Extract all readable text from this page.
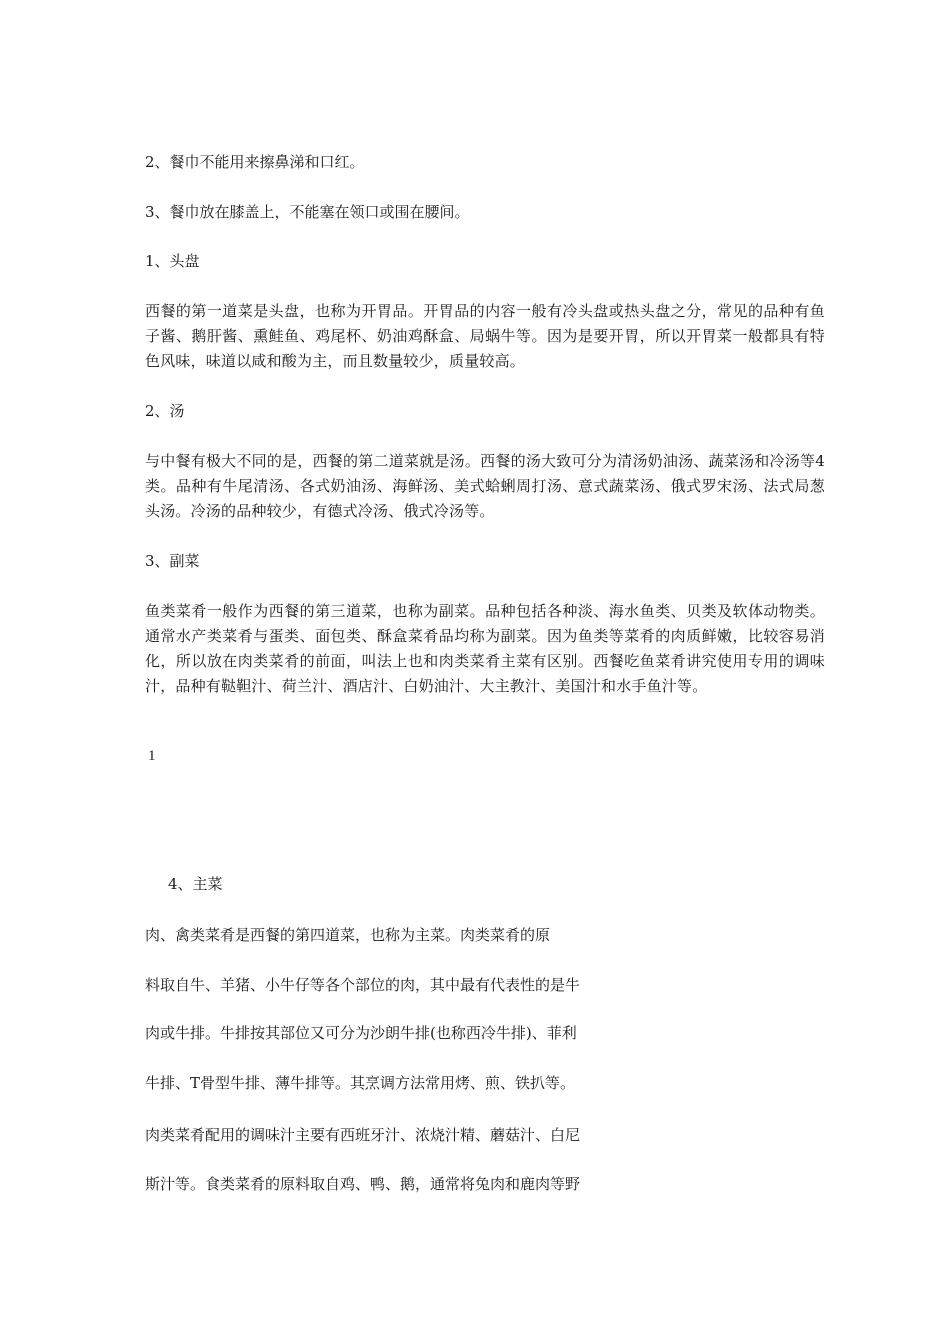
2、餐巾不能用来擦鼻涕和口红。
3、餐巾放在膝盖上，不能塞在领口或围在腰间。
1、头盘
西餐的第一道菜是头盘，也称为开胃品。开胃品的内容一般有冷头盘或热头盘之分，常见的品种有鱼子酱、鹅肝酱、熏鲑鱼、鸡尾杯、奶油鸡酥盒、局蜗牛等。因为是要开胃，所以开胃菜一般都具有特色风味，味道以咸和酸为主，而且数量较少，质量较高。
2、汤
与中餐有极大不同的是，西餐的第二道菜就是汤。西餐的汤大致可分为清汤奶油汤、蔬菜汤和冷汤等4类。品种有牛尾清汤、各式奶油汤、海鲜汤、美式蛤蜊周打汤、意式蔬菜汤、俄式罗宋汤、法式局葱头汤。冷汤的品种较少，有德式冷汤、俄式冷汤等。
3、副菜
鱼类菜肴一般作为西餐的第三道菜，也称为副菜。品种包括各种淡、海水鱼类、贝类及软体动物类。通常水产类菜肴与蛋类、面包类、酥盒菜肴品均称为副菜。因为鱼类等菜肴的肉质鲜嫩，比较容易消化，所以放在肉类菜肴的前面，叫法上也和肉类菜肴主菜有区别。西餐吃鱼菜肴讲究使用专用的调味汁，品种有鞑靼汁、荷兰汁、酒店汁、白奶油汁、大主教汁、美国汁和水手鱼汁等。
1
4、主菜
肉、禽类菜肴是西餐的第四道菜，也称为主菜。肉类菜肴的原
料取自牛、羊猪、小牛仔等各个部位的肉，其中最有代表性的是牛
肉或牛排。牛排按其部位又可分为沙朗牛排(也称西冷牛排)、菲利
牛排、T骨型牛排、薄牛排等。其烹调方法常用烤、煎、铁扒等。
肉类菜肴配用的调味汁主要有西班牙汁、浓烧汁精、蘑菇汁、白尼
斯汁等。食类菜肴的原料取自鸡、鸭、鹅，通常将兔肉和鹿肉等野
